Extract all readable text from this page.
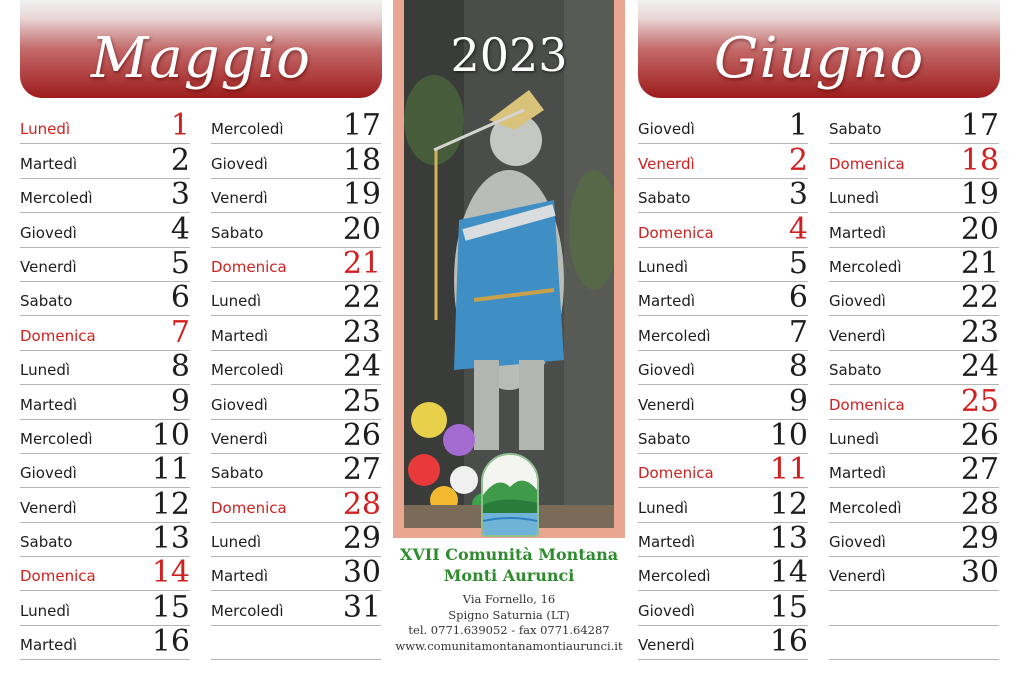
Maggio	Giugno
Lunedì	1
Martedì	2
Mercoledì	3
Giovedì	4
Venerdì	5
Sabato	6
Domenica	7
Lunedì	8
Martedì	9
Mercoledì 10
Giovedì	11
Venerdì	12
Sabato	13
Domenica 14
Lunedì	15
Martedì 16
Mercoledì 17
Giovedì	18
Venerdì	19
Sabato	20
Domenica 21
Lunedì	22
Martedì 23
Mercoledì 24
Giovedì	25
Venerdì	26
Sabato	27
Domenica 28
Lunedì	29
Martedì 30
Mercoledì 31
Giovedì	1
Venerdì	2
Sabato	3
Domenica	4
Lunedì	5
Martedì	6
Mercoledì	7
Giovedì	8
Venerdì	9
Sabato	10
Domenica 11
Lunedì	12
Martedì 13
Mercoledì 14
Giovedì	15
Venerdì	16
Sabato	17
Domenica 18
Lunedì	19
Martedì 20
Mercoledì 21
Giovedì	22
Venerdì	23
Sabato	24
Domenica 25
Lunedì	26
Martedì 27
Mercoledì 28
Giovedì	29
Venerdì	30
2023
XVII Comunità Montana
Monti Aurunci
Via Fornello, 16
Spigno Saturnia (LT)
tel. 0771.639052 - fax 0771.64287
www.comunitamontanamontiaurunci.it
